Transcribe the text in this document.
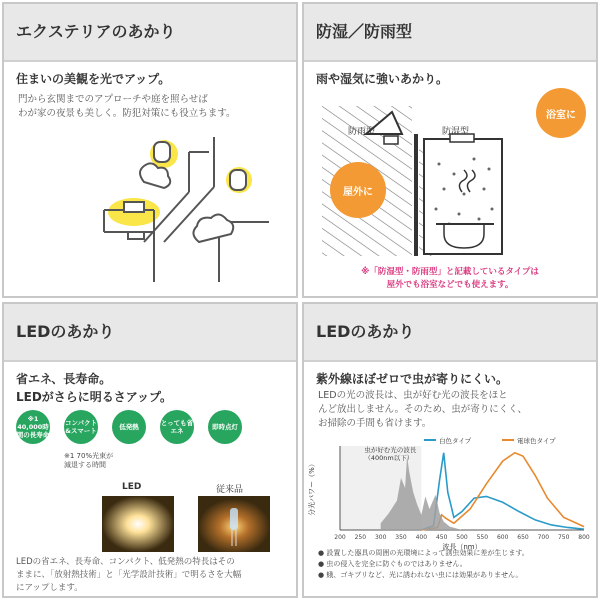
エクステリアのあかり
住まいの美観を光でアップ。
門から玄関までのアプローチや庭を照らせば
わが家の夜景も美しく。防犯対策にも役立ちます。
防湿／防雨型
雨や湿気に強いあかり。
防雨型	防湿型
屋外に
浴室に
※「防湿型・防雨型」と記載しているタイプは
屋外でも浴室などでも使えます。
LEDのあかり
省エネ、長寿命。
LEDがさらに明るさアップ。
※1
40,000時間の長寿命
コンパクト&スマート	低発熱	とっても省エネ	即時点灯
※1 70%光束が
減退する時間
LED	従来品
LEDの省エネ、長寿命、コンパクト、低発熱の特長はその
ままに、「放射熱技術」と「光学設計技術」で明るさを大幅
にアップします。
LEDのあかり
紫外線ほぼゼロで虫が寄りにくい。
LEDの光の波長は、虫が好む光の波長をほと
んど放出しません。そのため、虫が寄りにくく、
お掃除の手間も省けます。
200 250 300 350 400 450 500 550 600 650 700 750 800
波長（nm）
分光パワー（%）
虫が好む光の波長
（400nm以下）
白色タイプ	電球色タイプ
● 設置した器具の周囲の光環境によって誘虫効果に差が生じます。
● 虫の侵入を完全に防ぐものではありません。
● 蛾、ゴキブリなど、光に誘われない虫には効果がありません。
